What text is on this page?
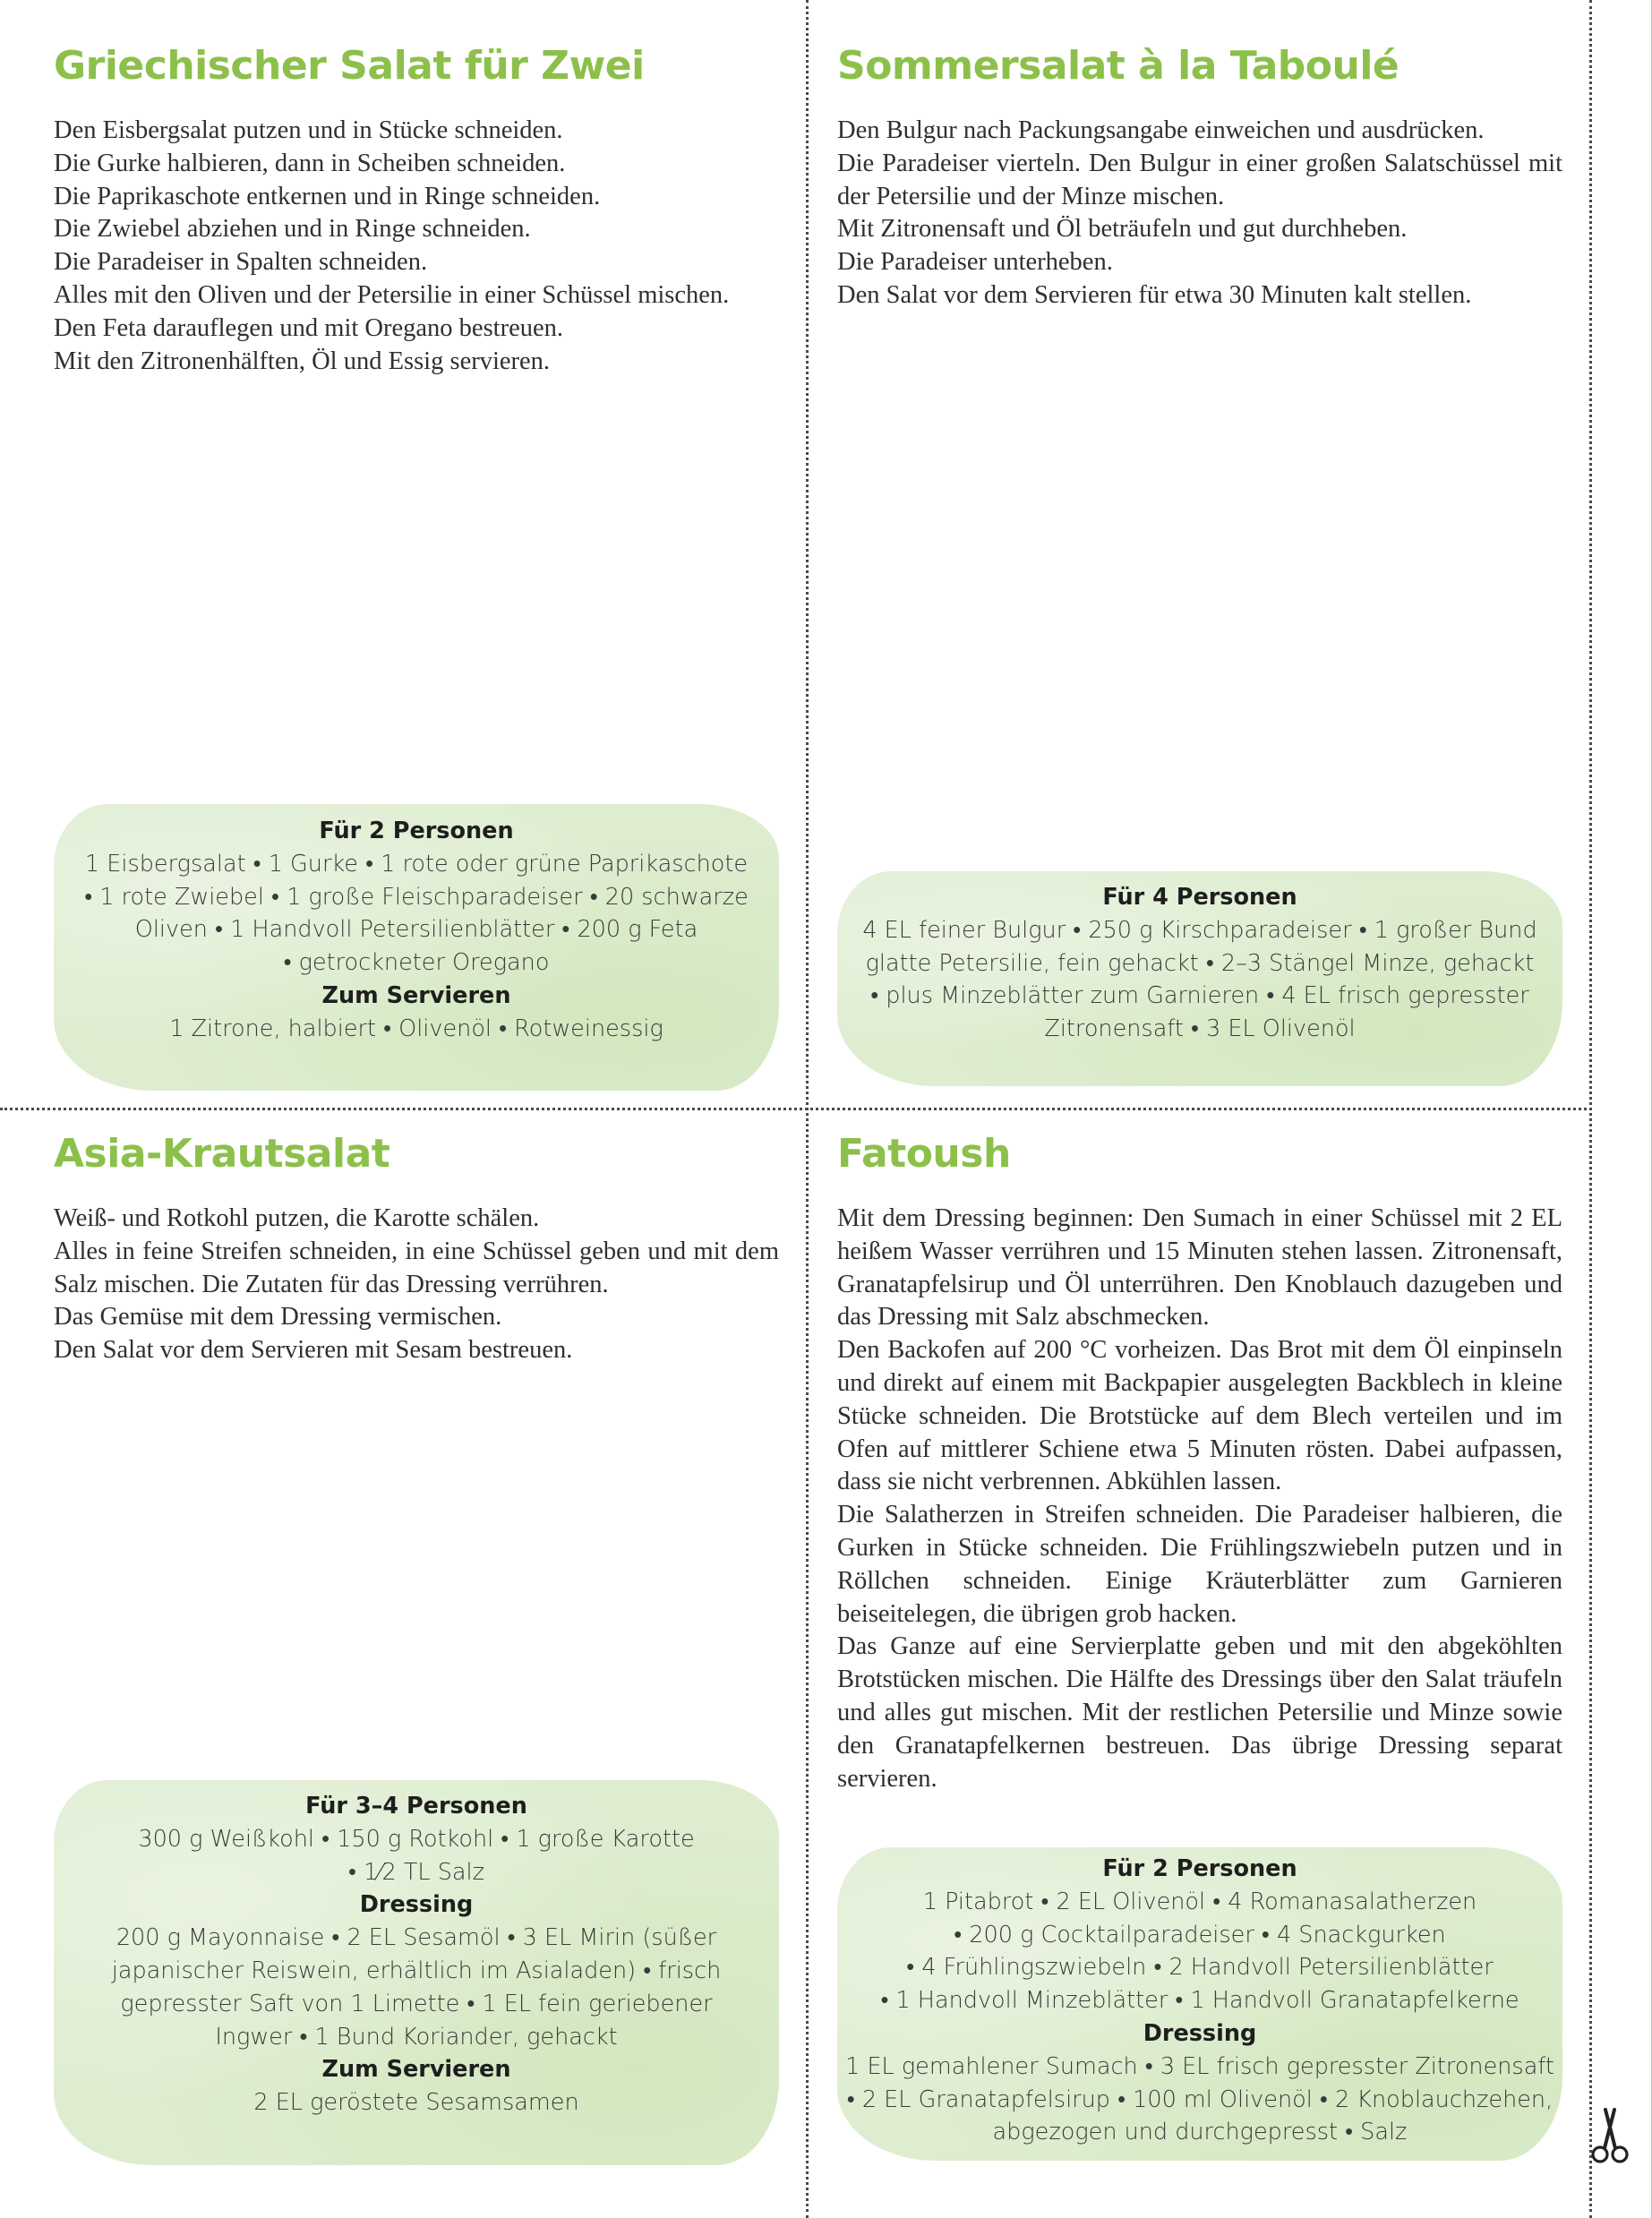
Griechischer Salat für Zwei

Den Eisbergsalat putzen und in Stücke schneiden.

Die Gurke halbieren, dann in Scheiben schneiden.

Die Paprikaschote entkernen und in Ringe schneiden.

Die Zwiebel abziehen und in Ringe schneiden.

Die Paradeiser in Spalten schneiden.

Alles mit den Oliven und der Petersilie in einer Schüssel mischen.

Den Feta darauflegen und mit Oregano bestreuen.

Mit den Zitronenhälften, Öl und Essig servieren.

Für 2 Personen
1 Eisbergsalat • 1 Gurke • 1 rote oder grüne Paprikaschote
• 1 rote Zwiebel • 1 große Fleischparadeiser • 20 schwarze
Oliven • 1 Handvoll Petersilienblätter • 200 g Feta
• getrockneter Oregano
Zum Servieren
1 Zitrone, halbiert • Olivenöl • Rotweinessig
Sommersalat à la Taboulé

Den Bulgur nach Packungsangabe einweichen und ausdrücken.

Die Paradeiser vierteln. Den Bulgur in einer großen Salatschüssel mit der Petersilie und der Minze mischen.

Mit Zitronensaft und Öl beträufeln und gut durchheben.

Die Paradeiser unterheben.

Den Salat vor dem Servieren für etwa 30 Minuten kalt stellen.

Für 4 Personen
4 EL feiner Bulgur • 250 g Kirschparadeiser • 1 großer Bund
glatte Petersilie, fein gehackt • 2–3 Stängel Minze, gehackt
• plus Minzeblätter zum Garnieren • 4 EL frisch gepresster
Zitronensaft • 3 EL Olivenöl
Asia-Krautsalat

Weiß- und Rotkohl putzen, die Karotte schälen.

Alles in feine Streifen schneiden, in eine Schüssel geben und mit dem Salz mischen. Die Zutaten für das Dressing verrühren.

Das Gemüse mit dem Dressing vermischen.

Den Salat vor dem Servieren mit Sesam bestreuen.

Für 3–4 Personen
300 g Weißkohl • 150 g Rotkohl • 1 große Karotte
• 1⁄2 TL Salz
Dressing
200 g Mayonnaise • 2 EL Sesamöl • 3 EL Mirin (süßer
japanischer Reiswein, erhältlich im Asialaden) • frisch
gepresster Saft von 1 Limette • 1 EL fein geriebener
Ingwer • 1 Bund Koriander, gehackt
Zum Servieren
2 EL geröstete Sesamsamen
Fatoush

Mit dem Dressing beginnen: Den Sumach in einer Schüssel mit 2 EL heißem Wasser verrühren und 15 Minuten stehen lassen. Zitronensaft, Granatapfelsirup und Öl unterrühren. Den Knoblauch dazugeben und das Dressing mit Salz abschmecken.

Den Backofen auf 200 °C vorheizen. Das Brot mit dem Öl einpinseln und direkt auf einem mit Backpapier ausgelegten Backblech in kleine Stücke schneiden. Die Brotstücke auf dem Blech verteilen und im Ofen auf mittlerer Schiene etwa 5 Minuten rösten. Dabei aufpassen, dass sie nicht verbrennen. Abkühlen lassen.

Die Salatherzen in Streifen schneiden. Die Paradeiser halbieren, die Gurken in Stücke schneiden. Die Frühlingszwiebeln putzen und in Röllchen schneiden. Einige Kräuterblätter zum Garnieren beiseitelegen, die übrigen grob hacken.

Das Ganze auf eine Servierplatte geben und mit den abgeköhlten Brotstücken mischen. Die Hälfte des Dressings über den Salat träufeln und alles gut mischen. Mit der restlichen Petersilie und Minze sowie den Granatapfelkernen bestreuen. Das übrige Dressing separat servieren.

Für 2 Personen
1 Pitabrot • 2 EL Olivenöl • 4 Romanasalatherzen
• 200 g Cocktailparadeiser • 4 Snackgurken
• 4 Frühlingszwiebeln • 2 Handvoll Petersilienblätter
• 1 Handvoll Minzeblätter • 1 Handvoll Granatapfelkerne
Dressing
1 EL gemahlener Sumach • 3 EL frisch gepresster Zitronensaft
• 2 EL Granatapfelsirup • 100 ml Olivenöl • 2 Knoblauchzehen,
abgezogen und durchgepresst • Salz
